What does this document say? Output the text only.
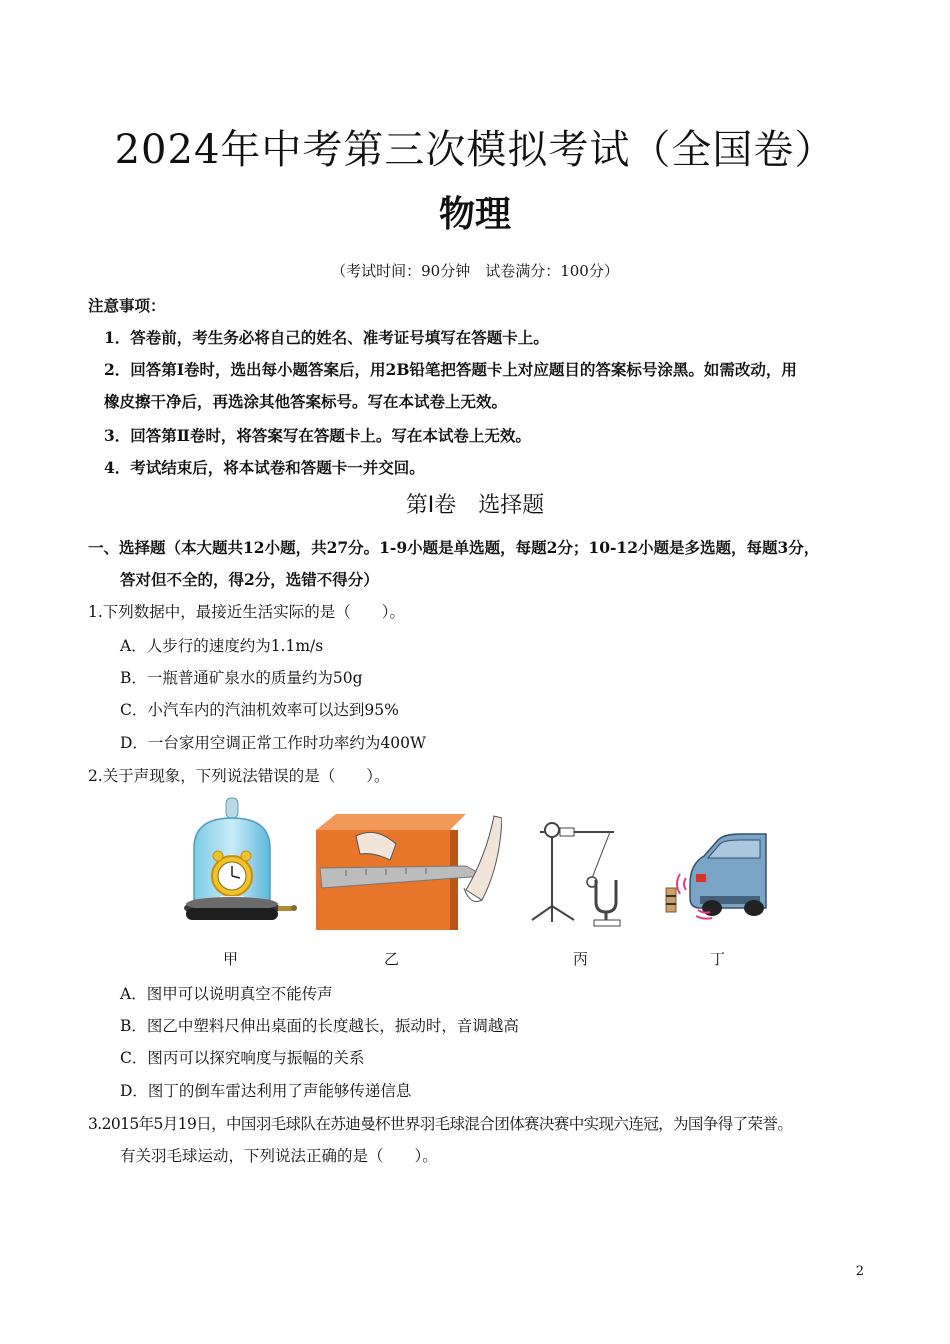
2024年中考第三次模拟考试（全国卷）
物理
（考试时间：90分钟　试卷满分：100分）
注意事项：
1．答卷前，考生务必将自己的姓名、准考证号填写在答题卡上。
2．回答第Ⅰ卷时，选出每小题答案后，用2B铅笔把答题卡上对应题目的答案标号涂黑。如需改动，用
橡皮擦干净后，再选涂其他答案标号。写在本试卷上无效。
3．回答第Ⅱ卷时，将答案写在答题卡上。写在本试卷上无效。
4．考试结束后，将本试卷和答题卡一并交回。
第Ⅰ卷　选择题
一、选择题（本大题共12小题，共27分。1-9小题是单选题，每题2分；10-12小题是多选题，每题3分，
答对但不全的，得2分，选错不得分）
1.下列数据中，最接近生活实际的是（　　）。
A．人步行的速度约为1.1m/s
B．一瓶普通矿泉水的质量约为50g
C．小汽车内的汽油机效率可以达到95%
D．一台家用空调正常工作时功率约为400W
2.关于声现象，下列说法错误的是（　　）。
甲	乙	丙	丁
A．图甲可以说明真空不能传声
B．图乙中塑料尺伸出桌面的长度越长，振动时，音调越高
C．图丙可以探究响度与振幅的关系
D．图丁的倒车雷达利用了声能够传递信息
3.2015年5月19日，中国羽毛球队在苏迪曼杯世界羽毛球混合团体赛决赛中实现六连冠，为国争得了荣誉。
有关羽毛球运动，下列说法正确的是（　　）。
2
